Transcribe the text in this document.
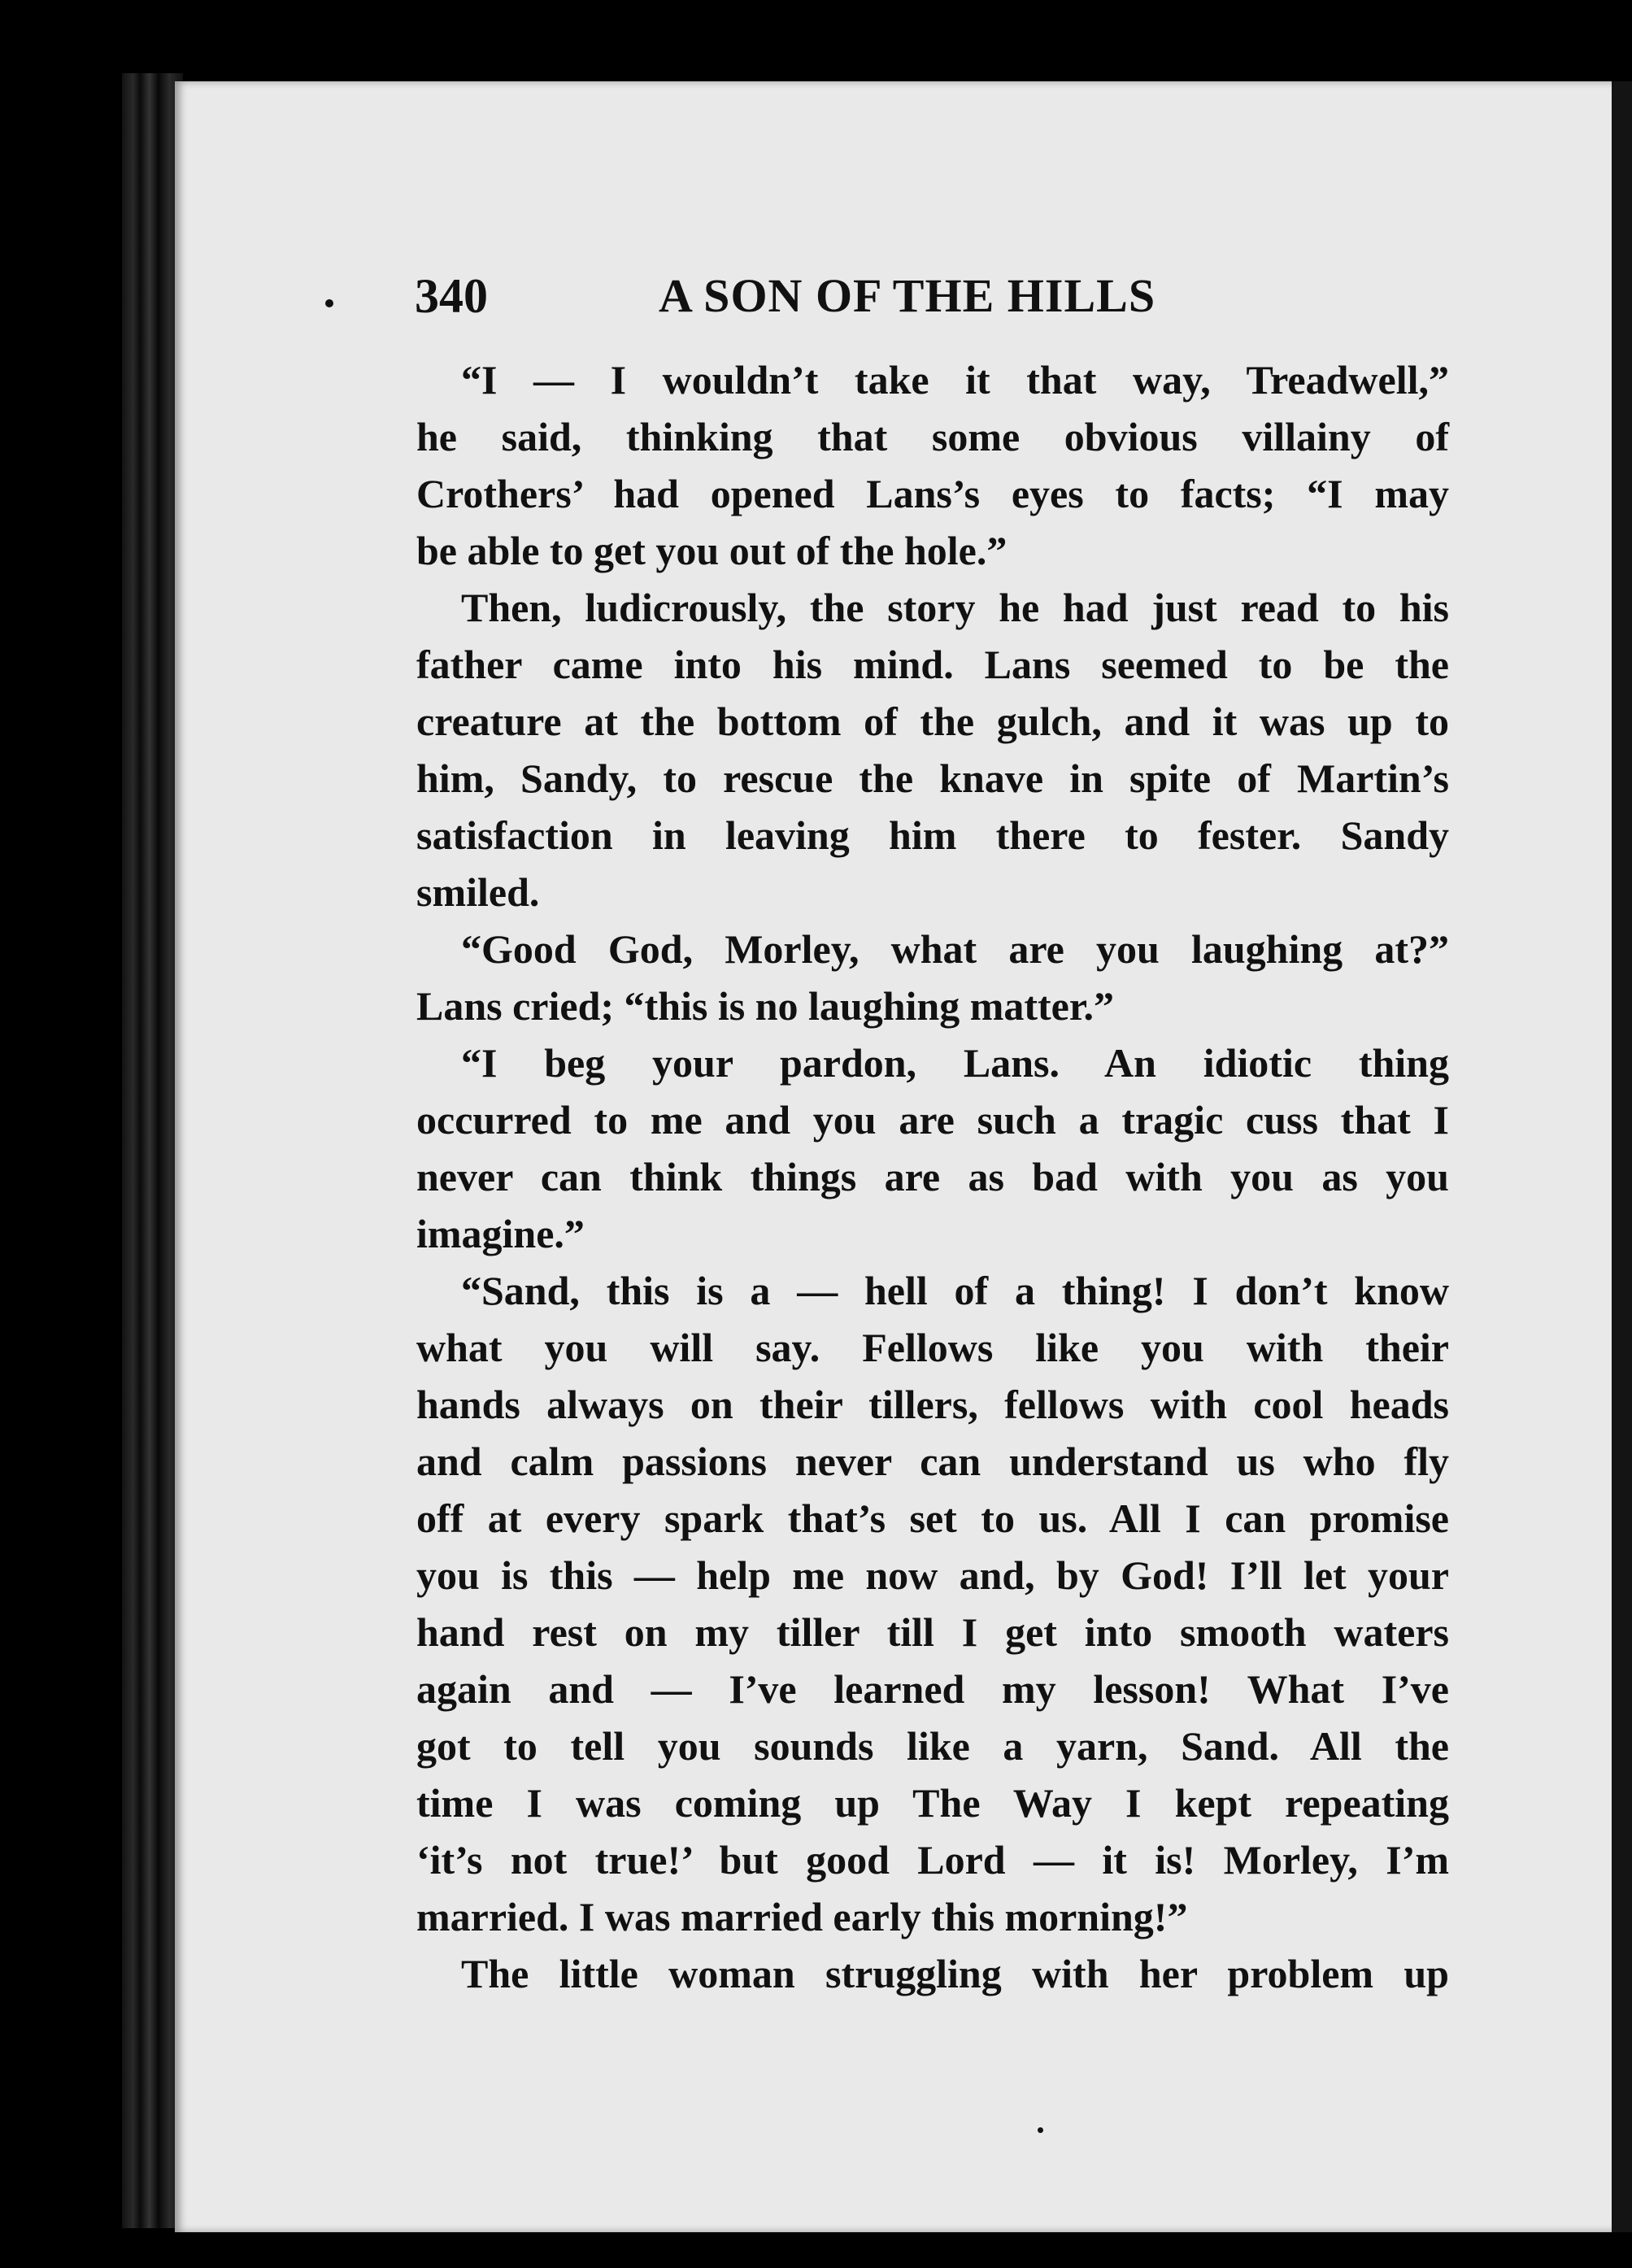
340	A SON OF THE HILLS
“I — I wouldn’t take it that way, Treadwell,”
he said, thinking that some obvious villainy of
Crothers’ had opened Lans’s eyes to facts; “I may
be able to get you out of the hole.”
Then, ludicrously, the story he had just read to his
father came into his mind. Lans seemed to be the
creature at the bottom of the gulch, and it was up to
him, Sandy, to rescue the knave in spite of Martin’s
satisfaction in leaving him there to fester. Sandy
smiled.
“Good God, Morley, what are you laughing at?”
Lans cried; “this is no laughing matter.”
“I beg your pardon, Lans. An idiotic thing
occurred to me and you are such a tragic cuss that I
never can think things are as bad with you as you
imagine.”
“Sand, this is a — hell of a thing! I don’t know
what you will say. Fellows like you with their
hands always on their tillers, fellows with cool heads
and calm passions never can understand us who fly
off at every spark that’s set to us. All I can promise
you is this — help me now and, by God! I’ll let your
hand rest on my tiller till I get into smooth waters
again and — I’ve learned my lesson! What I’ve
got to tell you sounds like a yarn, Sand. All the
time I was coming up The Way I kept repeating
‘it’s not true!’ but good Lord — it is! Morley, I’m
married. I was married early this morning!”
The little woman struggling with her problem up
